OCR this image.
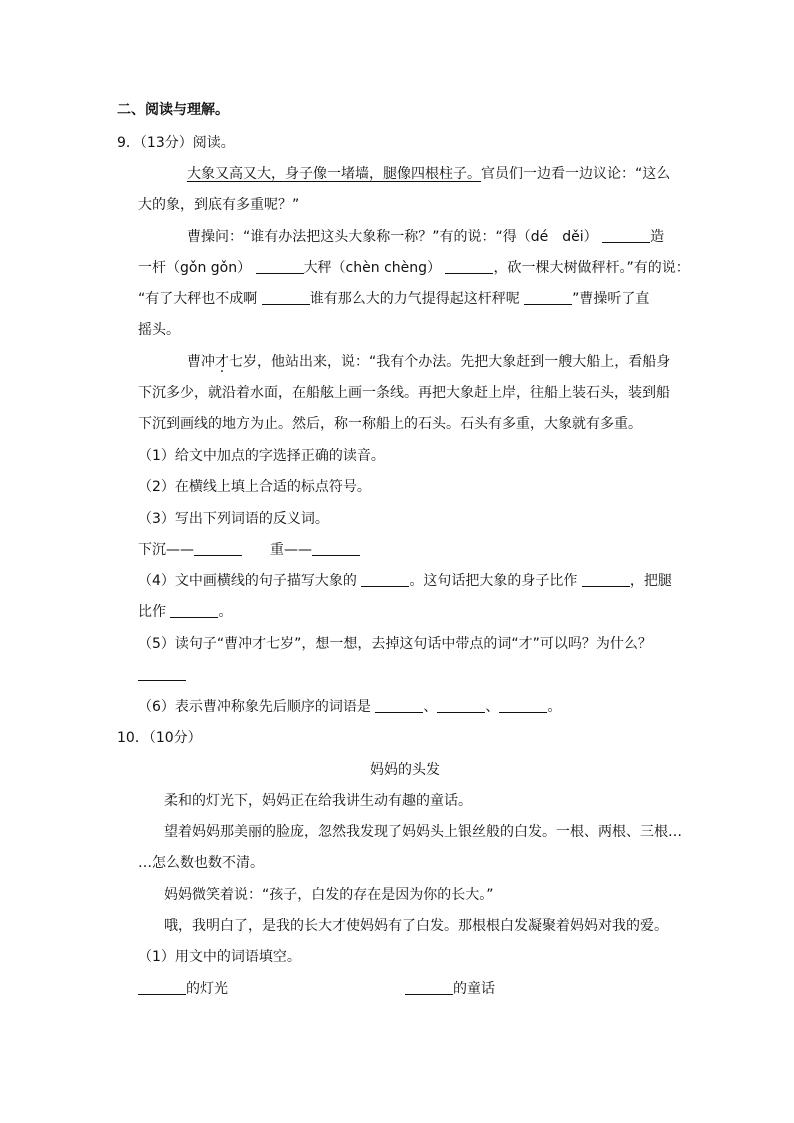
二、阅读与理解。
9．（13分）阅读。
大象又高又大，身子像一堵墙，腿像四根柱子。官员们一边看一边议论：“这么
大的象，到底有多重呢？”
曹操问：“谁有办法把这头大象称一称？”有的说：“得（dé　děi）	造
一杆（gǒn gǒn）	大秤（chèn chèng）	，砍一棵大树做秤杆。”有的说：
“有了大秤也不成啊	谁有那么大的力气提得起这杆秤呢	”曹操听了直
摇头。
曹冲才七岁，他站出来，说：“我有个办法。先把大象赶到一艘大船上，看船身
下沉多少，就沿着水面，在船舷上画一条线。再把大象赶上岸，往船上装石头，装到船
下沉到画线的地方为止。然后，称一称船上的石头。石头有多重，大象就有多重。
（1）给文中加点的字选择正确的读音。
（2）在横线上填上合适的标点符号。
（3）写出下列词语的反义词。
下沉——	重——
（4）文中画横线的句子描写大象的	。这句话把大象的身子比作	，把腿
比作	。
（5）读句子“曹冲才七岁”，想一想，去掉这句话中带点的词“才”可以吗？为什么？
（6）表示曹冲称象先后顺序的词语是	、	、	。
10．（10分）
妈妈的头发
柔和的灯光下，妈妈正在给我讲生动有趣的童话。
望着妈妈那美丽的脸庞，忽然我发现了妈妈头上银丝般的白发。一根、两根、三根…
…怎么数也数不清。
妈妈微笑着说：“孩子，白发的存在是因为你的长大。”
哦，我明白了，是我的长大才使妈妈有了白发。那根根白发凝聚着妈妈对我的爱。
（1）用文中的词语填空。
的灯光	的童话
